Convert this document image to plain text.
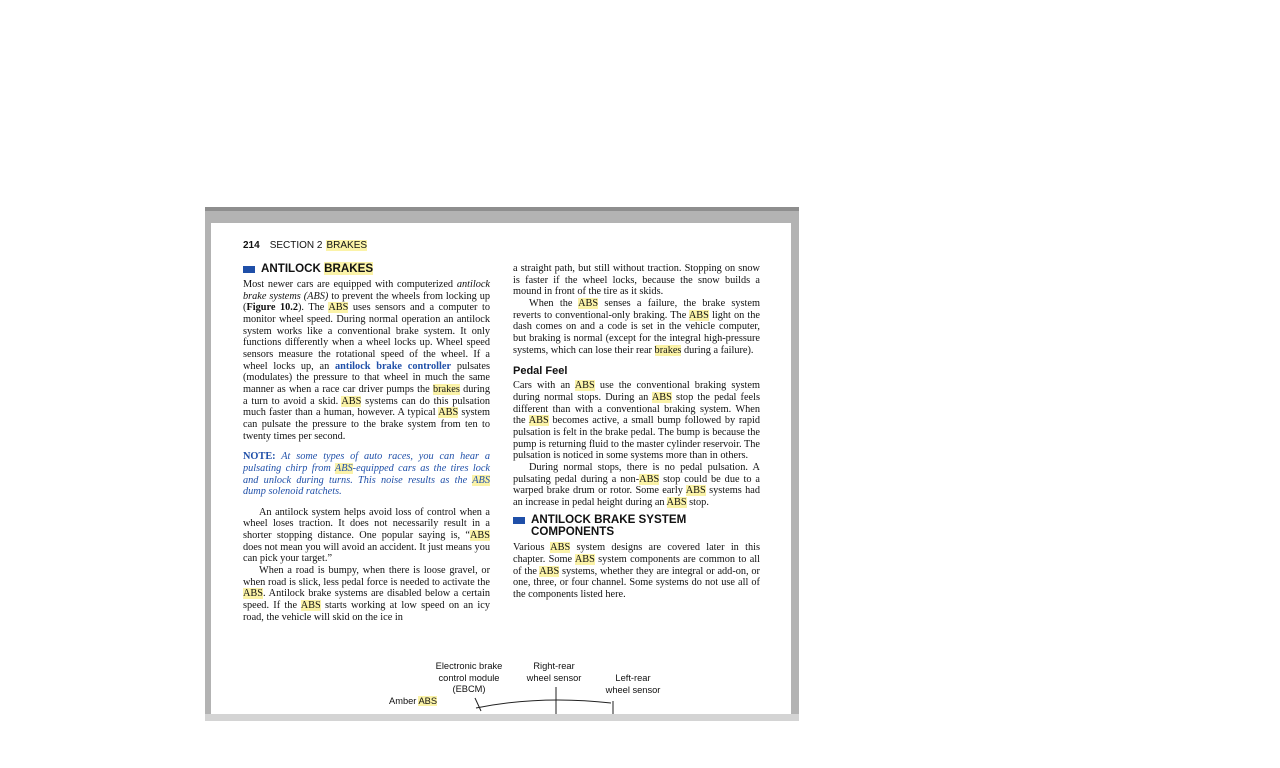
214 SECTION 2 BRAKES
ANTILOCK BRAKES

Most newer cars are equipped with computerized antilock brake systems (ABS) to prevent the wheels from locking up (Figure 10.2). The ABS uses sensors and a computer to monitor wheel speed. During normal operation an antilock system works like a conventional brake system. It only functions differently when a wheel locks up. Wheel speed sensors measure the rotational speed of the wheel. If a wheel locks up, an antilock brake controller pulsates (modulates) the pressure to that wheel in much the same manner as when a race car driver pumps the brakes during a turn to avoid a skid. ABS systems can do this pulsation much faster than a human, however. A typical ABS system can pulsate the pressure to the brake system from ten to twenty times per second.

NOTE: At some types of auto races, you can hear a pulsating chirp from ABS-equipped cars as the tires lock and unlock during turns. This noise results as the ABS dump solenoid ratchets.

An antilock system helps avoid loss of control when a wheel loses traction. It does not necessarily result in a shorter stopping distance. One popular saying is, “ABS does not mean you will avoid an accident. It just means you can pick your target.”

When a road is bumpy, when there is loose gravel, or when road is slick, less pedal force is needed to activate the ABS. Antilock brake systems are disabled below a certain speed. If the ABS starts working at low speed on an icy road, the vehicle will skid on the ice in

a straight path, but still without traction. Stopping on snow is faster if the wheel locks, because the snow builds a mound in front of the tire as it skids.

When the ABS senses a failure, the brake system reverts to conventional-only braking. The ABS light on the dash comes on and a code is set in the vehicle computer, but braking is normal (except for the integral high-pressure systems, which can lose their rear brakes during a failure).

Pedal Feel

Cars with an ABS use the conventional braking system during normal stops. During an ABS stop the pedal feels different than with a conventional braking system. When the ABS becomes active, a small bump followed by rapid pulsation is felt in the brake pedal. The bump is because the pump is returning fluid to the master cylinder reservoir. The pulsation is noticed in some systems more than in others.

During normal stops, there is no pedal pulsation. A pulsating pedal during a non-ABS stop could be due to a warped brake drum or rotor. Some early ABS systems had an increase in pedal height during an ABS stop.

ANTILOCK BRAKE SYSTEM
COMPONENTS

Various ABS system designs are covered later in this chapter. Some ABS system components are common to all of the ABS systems, whether they are integral or add-on, or one, three, or four channel. Some systems do not use all of the components listed here.

Electronic brake
control module
(EBCM)
Right-rear
wheel sensor	Left-rear
wheel sensor
Amber ABS
